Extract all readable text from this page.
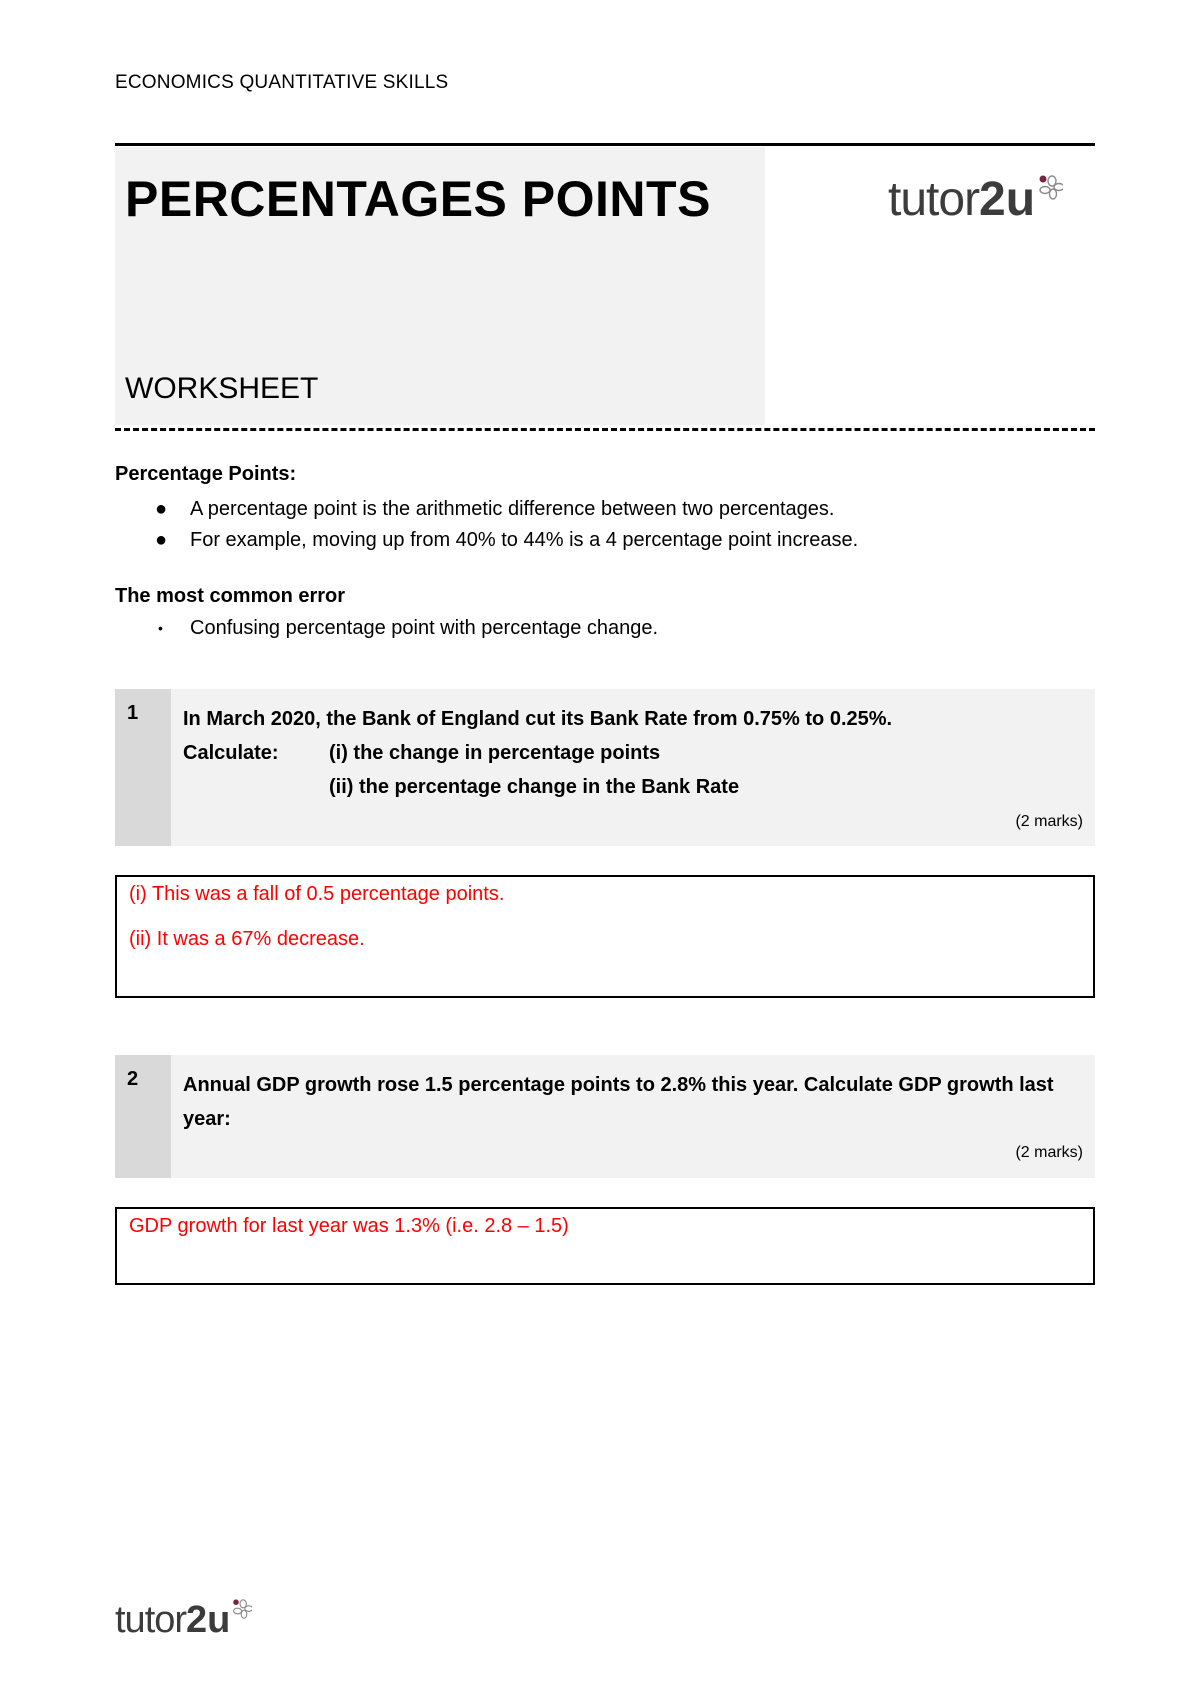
ECONOMICS QUANTITATIVE SKILLS
PERCENTAGES POINTS
WORKSHEET
tutor 2u
Percentage Points:
● A percentage point is the arithmetic difference between two percentages.
● For example, moving up from 40% to 44% is a 4 percentage point increase.
The most common error
• Confusing percentage point with percentage change.
1 In March 2020, the Bank of England cut its Bank Rate from 0.75% to 0.25%.
Calculate:	(i) the change in percentage points
(ii) the percentage change in the Bank Rate
(2 marks)
(i) This was a fall of 0.5 percentage points.
(ii) It was a 67% decrease.
2 Annual GDP growth rose 1.5 percentage points to 2.8% this year. Calculate GDP growth last year:
(2 marks)
GDP growth for last year was 1.3% (i.e. 2.8 – 1.5)
tutor 2u
